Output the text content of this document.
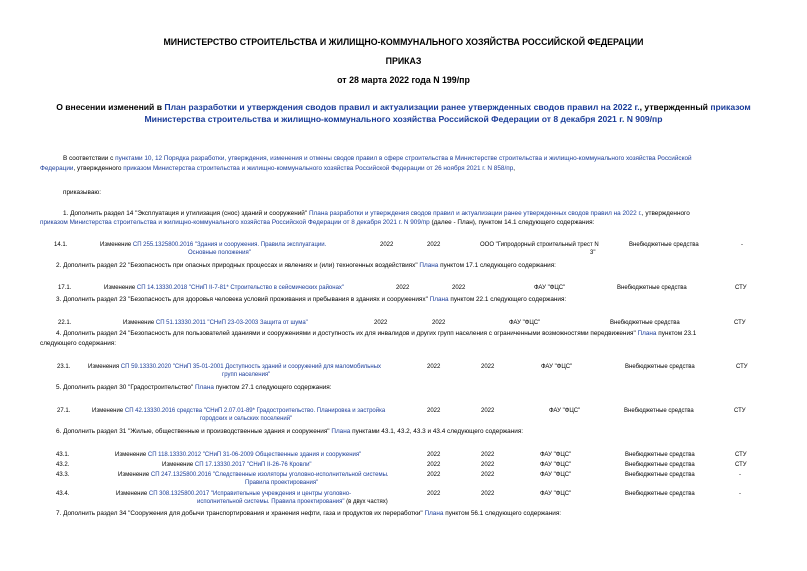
МИНИСТЕРСТВО СТРОИТЕЛЬСТВА И ЖИЛИЩНО-КОММУНАЛЬНОГО ХОЗЯЙСТВА РОССИЙСКОЙ ФЕДЕРАЦИИ
ПРИКАЗ
от 28 марта 2022 года N 199/пр
О внесении изменений в План разработки и утверждения сводов правил и актуализации ранее утвержденных сводов правил на 2022 г., утвержденный приказом
Министерства строительства и жилищно-коммунального хозяйства Российской Федерации от 8 декабря 2021 г. N 909/пр
В соответствии с пунктами 10, 12 Порядка разработки, утверждения, изменения и отмены сводов правил в сфере строительства в Министерстве строительства и жилищно-коммунального хозяйства Российской
Федерации, утвержденного приказом Министерства строительства и жилищно-коммунального хозяйства Российской Федерации от 26 ноября 2021 г. N 858/пр,
приказываю:
1. Дополнить раздел 14 "Эксплуатация и утилизация (снос) зданий и сооружений" Плана разработки и утверждения сводов правил и актуализации ранее утвержденных сводов правил на 2022 г., утвержденного
приказом Министерства строительства и жилищно-коммунального хозяйства Российской Федерации от 8 декабря 2021 г. N 909/пр (далее - План), пунктом 14.1 следующего содержания:
14.1.	Изменение СП 255.1325800.2016 "Здания и сооружения. Правила эксплуатации.
Основные положения"
2022	2022	ООО "Гипродорный строительный трест N
3"
Внебюджетные средства	-
2. Дополнить раздел 22 "Безопасность при опасных природных процессах и явлениях и (или) техногенных воздействиях" Плана пунктом 17.1 следующего содержания:
17.1.	Изменение СП 14.13330.2018 "СНиП II-7-81* Строительство в сейсмических районах"	2022	2022	ФАУ "ФЦС"	Внебюджетные средства	СТУ
3. Дополнить раздел 23 "Безопасность для здоровья человека условий проживания и пребывания в зданиях и сооружениях" Плана пунктом 22.1 следующего содержания:
22.1.	Изменение СП 51.13330.2011 "СНиП 23-03-2003 Защита от шума"	2022	2022	ФАУ "ФЦС"	Внебюджетные средства	СТУ
4. Дополнить раздел 24 "Безопасность для пользователей зданиями и сооружениями и доступность их для инвалидов и других групп населения с ограниченными возможностями передвижения" Плана пунктом 23.1
следующего содержания:
23.1.	Изменения СП 59.13330.2020 "СНиП 35-01-2001 Доступность зданий и сооружений для маломобильных
групп населения"
2022	2022	ФАУ "ФЦС"	Внебюджетные средства	СТУ
5. Дополнить раздел 30 "Градостроительство" Плана пунктом 27.1 следующего содержания:
27.1.	Изменение СП 42.13330.2016 средства "СНиП 2.07.01-89* Градостроительство. Планировка и застройка
городских и сельских поселений"
2022	2022	ФАУ "ФЦС"	Внебюджетные средства	СТУ
6. Дополнить раздел 31 "Жилые, общественные и производственные здания и сооружения" Плана пунктами 43.1, 43.2, 43.3 и 43.4 следующего содержания:
43.1.	Изменение СП 118.13330.2012 "СНиП 31-06-2009 Общественные здания и сооружения"	2022	2022	ФАУ "ФЦС"	Внебюджетные средства	СТУ
43.2.	Изменение СП 17.13330.2017 "СНиП II-26-76 Кровли"	2022	2022	ФАУ "ФЦС"	Внебюджетные средства	СТУ
43.3.	Изменение СП 247.1325800.2016 "Следственные изоляторы уголовно-исполнительной системы.
Правила проектирования"
2022	2022	ФАУ "ФЦС"	Внебюджетные средства	-
43.4.	Изменение СП 308.1325800.2017 "Исправительные учреждения и центры уголовно-
исполнительной системы. Правила проектирования" (в двух частях)
2022	2022	ФАУ "ФЦС"	Внебюджетные средства	-
7. Дополнить раздел 34 "Сооружения для добычи транспортирования и хранения нефти, газа и продуктов их переработки" Плана пунктом 56.1 следующего содержания:
